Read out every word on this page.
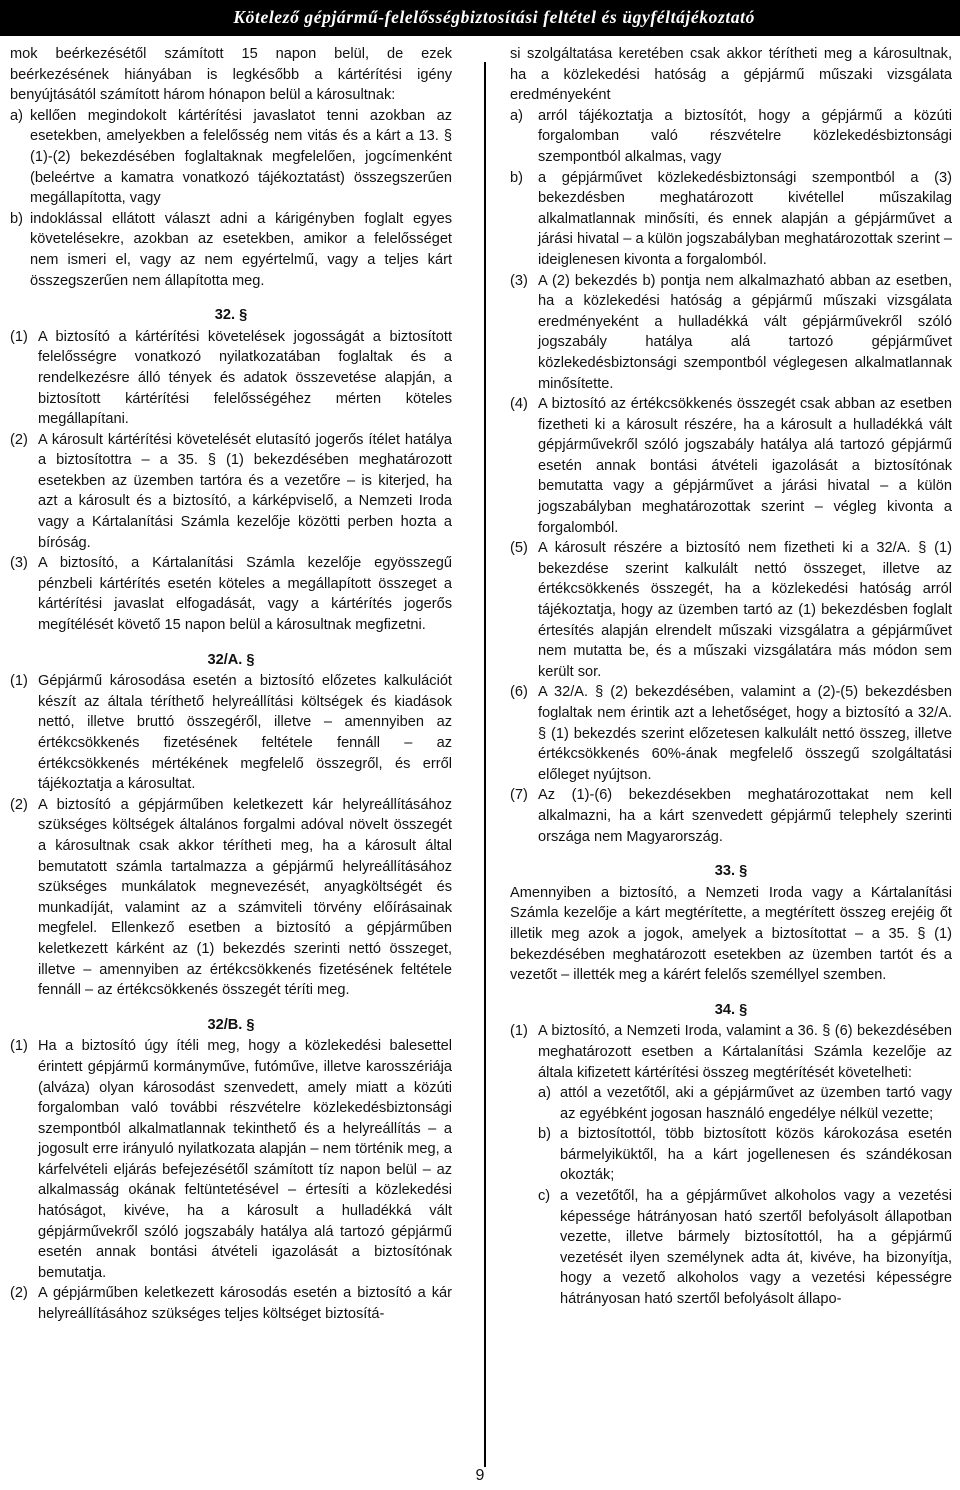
Kötelező gépjármű-felelősségbiztosítási feltétel és ügyféltájékoztató

mok beérkezésétől számított 15 napon belül, de ezek beérkezésének hiányában is legkésőbb a kártérítési igény benyújtásától számított három hónapon belül a károsultnak:

a) kellően megindokolt kártérítési javaslatot tenni azokban az esetekben, amelyekben a felelősség nem vitás és a kárt a 13. § (1)-(2) bekezdésében foglaltaknak megfelelően, jogcímenként (beleértve a kamatra vonatkozó tájékoztatást) összegszerűen megállapította, vagy
b) indoklással ellátott választ adni a kárigényben foglalt egyes követelésekre, azokban az esetekben, amikor a felelősséget nem ismeri el, vagy az nem egyértelmű, vagy a teljes kárt összegszerűen nem állapította meg.
32. §
(1) A biztosító a kártérítési követelések jogosságát a biztosított felelősségre vonatkozó nyilatkozatában foglaltak és a rendelkezésre álló tények és adatok összevetése alapján, a biztosított kártérítési felelősségéhez mérten köteles megállapítani.
(2) A károsult kártérítési követelését elutasító jogerős ítélet hatálya a biztosítottra – a 35. § (1) bekezdésében meghatározott esetekben az üzemben tartóra és a vezetőre – is kiterjed, ha azt a károsult és a biztosító, a kárképviselő, a Nemzeti Iroda vagy a Kártalanítási Számla kezelője közötti perben hozta a bíróság.
(3) A biztosító, a Kártalanítási Számla kezelője egyösszegű pénzbeli kártérítés esetén köteles a megállapított összeget a kártérítési javaslat elfogadását, vagy a kártérítés jogerős megítélését követő 15 napon belül a károsultnak megfizetni.
32/A. §
(1) Gépjármű károsodása esetén a biztosító előzetes kalkulációt készít az általa téríthető helyreállítási költségek és kiadások nettó, illetve bruttó összegéről, illetve – amennyiben az értékcsökkenés fizetésének feltétele fennáll – az értékcsökkenés mértékének megfelelő összegről, és erről tájékoztatja a károsultat.
(2) A biztosító a gépjárműben keletkezett kár helyreállításához szükséges költségek általános forgalmi adóval növelt összegét a károsultnak csak akkor térítheti meg, ha a károsult által bemutatott számla tartalmazza a gépjármű helyreállításához szükséges munkálatok megnevezését, anyagköltségét és munkadíját, valamint az a számviteli törvény előírásainak megfelel. Ellenkező esetben a biztosító a gépjárműben keletkezett kárként az (1) bekezdés szerinti nettó összeget, illetve – amennyiben az értékcsökkenés fizetésének feltétele fennáll – az értékcsökkenés összegét téríti meg.
32/B. §
(1) Ha a biztosító úgy ítéli meg, hogy a közlekedési balesettel érintett gépjármű kormányműve, futóműve, illetve karosszériája (alváza) olyan károsodást szenvedett, amely miatt a közúti forgalomban való további részvételre közlekedésbiztonsági szempontból alkalmatlannak tekinthető és a helyreállítás – a jogosult erre irányuló nyilatkozata alapján – nem történik meg, a kárfelvételi eljárás befejezésétől számított tíz napon belül – az alkalmasság okának feltüntetésével – értesíti a közlekedési hatóságot, kivéve, ha a károsult a hulladékká vált gépjárművekről szóló jogszabály hatálya alá tartozó gépjármű esetén annak bontási átvételi igazolását a biztosítónak bemutatja.
(2) A gépjárműben keletkezett károsodás esetén a biztosító a kár helyreállításához szükséges teljes költséget biztosítá-

si szolgáltatása keretében csak akkor térítheti meg a károsultnak, ha a közlekedési hatóság a gépjármű műszaki vizsgálata eredményeként

a)	arról tájékoztatja a biztosítót, hogy a gépjármű a közúti forgalomban való részvételre közlekedésbiztonsági szempontból alkalmas, vagy
b)	a gépjárművet közlekedésbiztonsági szempontból a (3) bekezdésben meghatározott kivétellel műszakilag alkalmatlannak minősíti, és ennek alapján a gépjárművet a járási hivatal – a külön jogszabályban meghatározottak szerint – ideiglenesen kivonta a forgalomból.
(3) A (2) bekezdés b) pontja nem alkalmazható abban az esetben, ha a közlekedési hatóság a gépjármű műszaki vizsgálata eredményeként a hulladékká vált gépjárművekről szóló jogszabály hatálya alá tartozó gépjárművet közlekedésbiztonsági szempontból véglegesen alkalmatlannak minősítette.
(4) A biztosító az értékcsökkenés összegét csak abban az esetben fizetheti ki a károsult részére, ha a károsult a hulladékká vált gépjárművekről szóló jogszabály hatálya alá tartozó gépjármű esetén annak bontási átvételi igazolását a biztosítónak bemutatta vagy a gépjárművet a járási hivatal – a külön jogszabályban meghatározottak szerint – végleg kivonta a forgalomból.
(5) A károsult részére a biztosító nem fizetheti ki a 32/A. § (1) bekezdése szerint kalkulált nettó összeget, illetve az értékcsökkenés összegét, ha a közlekedési hatóság arról tájékoztatja, hogy az üzemben tartó az (1) bekezdésben foglalt értesítés alapján elrendelt műszaki vizsgálatra a gépjárművet nem mutatta be, és a műszaki vizsgálatára más módon sem került sor.
(6) A 32/A. § (2) bekezdésében, valamint a (2)-(5) bekezdésben foglaltak nem érintik azt a lehetőséget, hogy a biztosító a 32/A. § (1) bekezdés szerint előzetesen kalkulált nettó összeg, illetve értékcsökkenés 60%-ának megfelelő összegű szolgáltatási előleget nyújtson.
(7) Az (1)-(6) bekezdésekben meghatározottakat nem kell alkalmazni, ha a kárt szenvedett gépjármű telephely szerinti országa nem Magyarország.
33. §

Amennyiben a biztosító, a Nemzeti Iroda vagy a Kártalanítási Számla kezelője a kárt megtérítette, a megtérített összeg erejéig őt illetik meg azok a jogok, amelyek a biztosítottat – a 35. § (1) bekezdésében meghatározott esetekben az üzemben tartót és a vezetőt – illették meg a kárért felelős személlyel szemben.

34. §
(1) A biztosító, a Nemzeti Iroda, valamint a 36. § (6) bekezdésében meghatározott esetben a Kártalanítási Számla kezelője az általa kifizetett kártérítési összeg megtérítését követelheti:
a) attól a vezetőtől, aki a gépjárművet az üzemben tartó vagy az egyébként jogosan használó engedélye nélkül vezette;
b) a biztosítottól, több biztosított közös károkozása esetén bármelyiküktől, ha a kárt jogellenesen és szándékosan okozták;
c) a vezetőtől, ha a gépjárművet alkoholos vagy a vezetési képessége hátrányosan ható szertől befolyásolt állapotban vezette, illetve bármely biztosítottól, ha a gépjármű vezetését ilyen személynek adta át, kivéve, ha bizonyítja, hogy a vezető alkoholos vagy a vezetési képességre hátrányosan ható szertől befolyásolt állapo-
9
